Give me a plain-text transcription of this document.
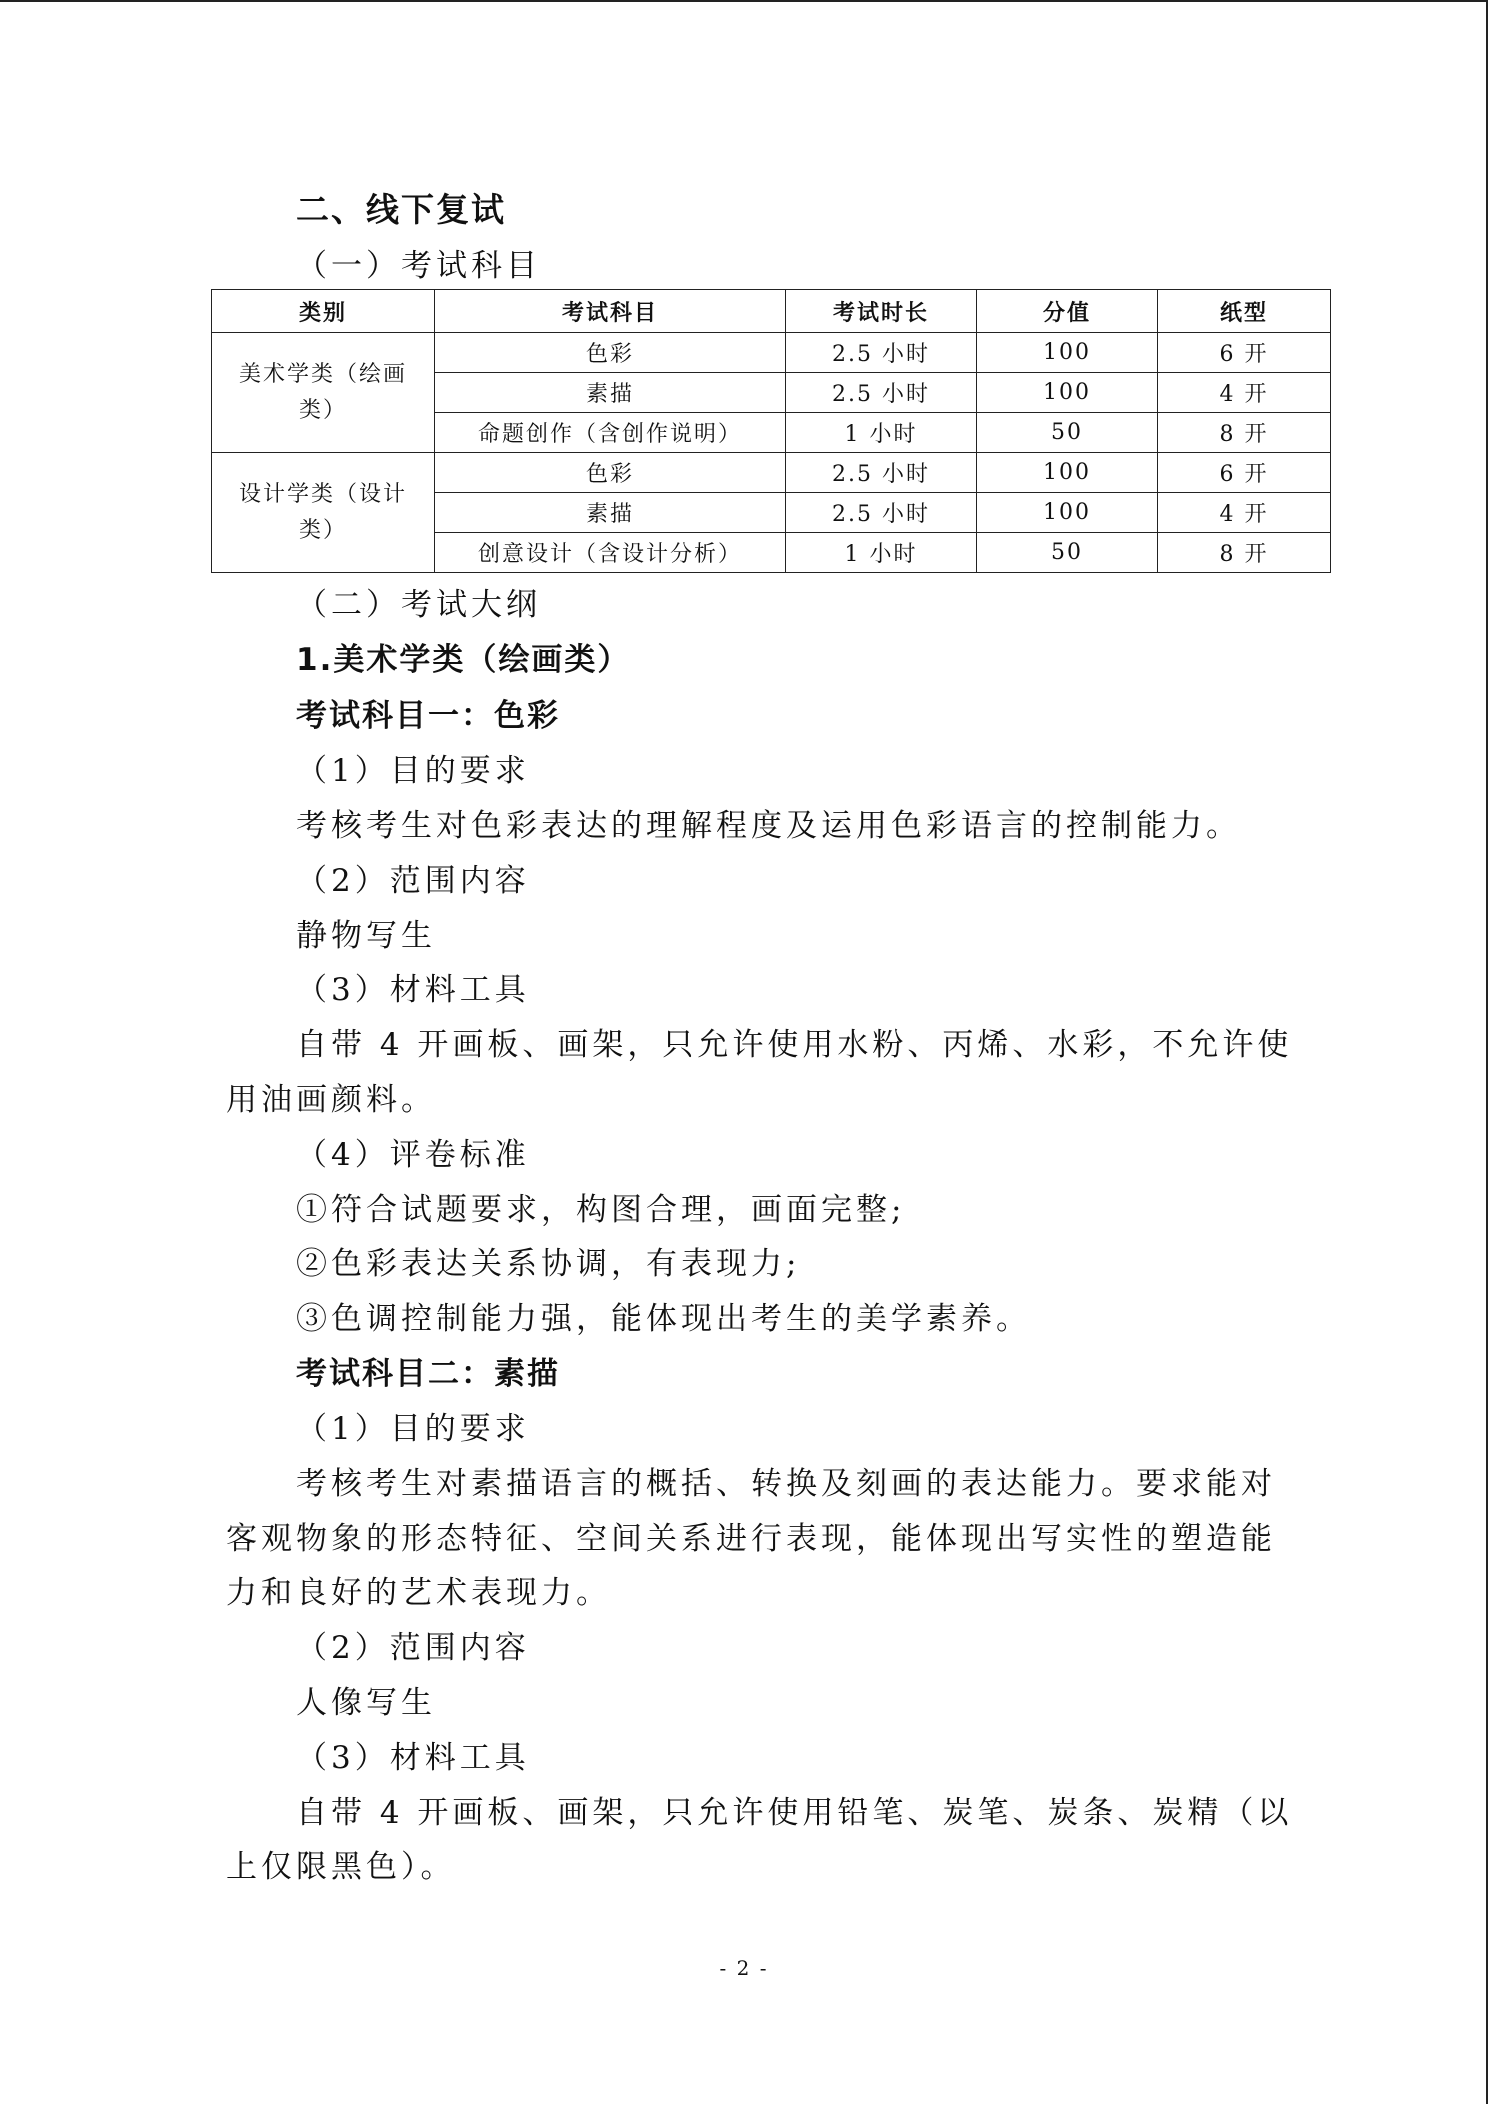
二、线下复试
（一）考试科目
类别	考试科目	考试时长	分值	纸型
美术学类（绘画类）	色彩	2.5 小时	100	6 开
	素描	2.5 小时	100	4 开
	命题创作（含创作说明）	1 小时	50	8 开
设计学类（设计类）	色彩	2.5 小时	100	6 开
	素描	2.5 小时	100	4 开
	创意设计（含设计分析）	1 小时	50	8 开
（二）考试大纲
1.美术学类（绘画类）
考试科目一：色彩
（1）目的要求
考核考生对色彩表达的理解程度及运用色彩语言的控制能力。
（2）范围内容
静物写生
（3）材料工具
自带 4 开画板、画架，只允许使用水粉、丙烯、水彩，不允许使
用油画颜料。
（4）评卷标准
①符合试题要求，构图合理，画面完整;
②色彩表达关系协调，有表现力;
③色调控制能力强，能体现出考生的美学素养。
考试科目二：素描
（1）目的要求
考核考生对素描语言的概括、转换及刻画的表达能力。要求能对
客观物象的形态特征、空间关系进行表现，能体现出写实性的塑造能
力和良好的艺术表现力。
（2）范围内容
人像写生
（3）材料工具
自带 4 开画板、画架，只允许使用铅笔、炭笔、炭条、炭精（以
上仅限黑色）。
- 2 -
